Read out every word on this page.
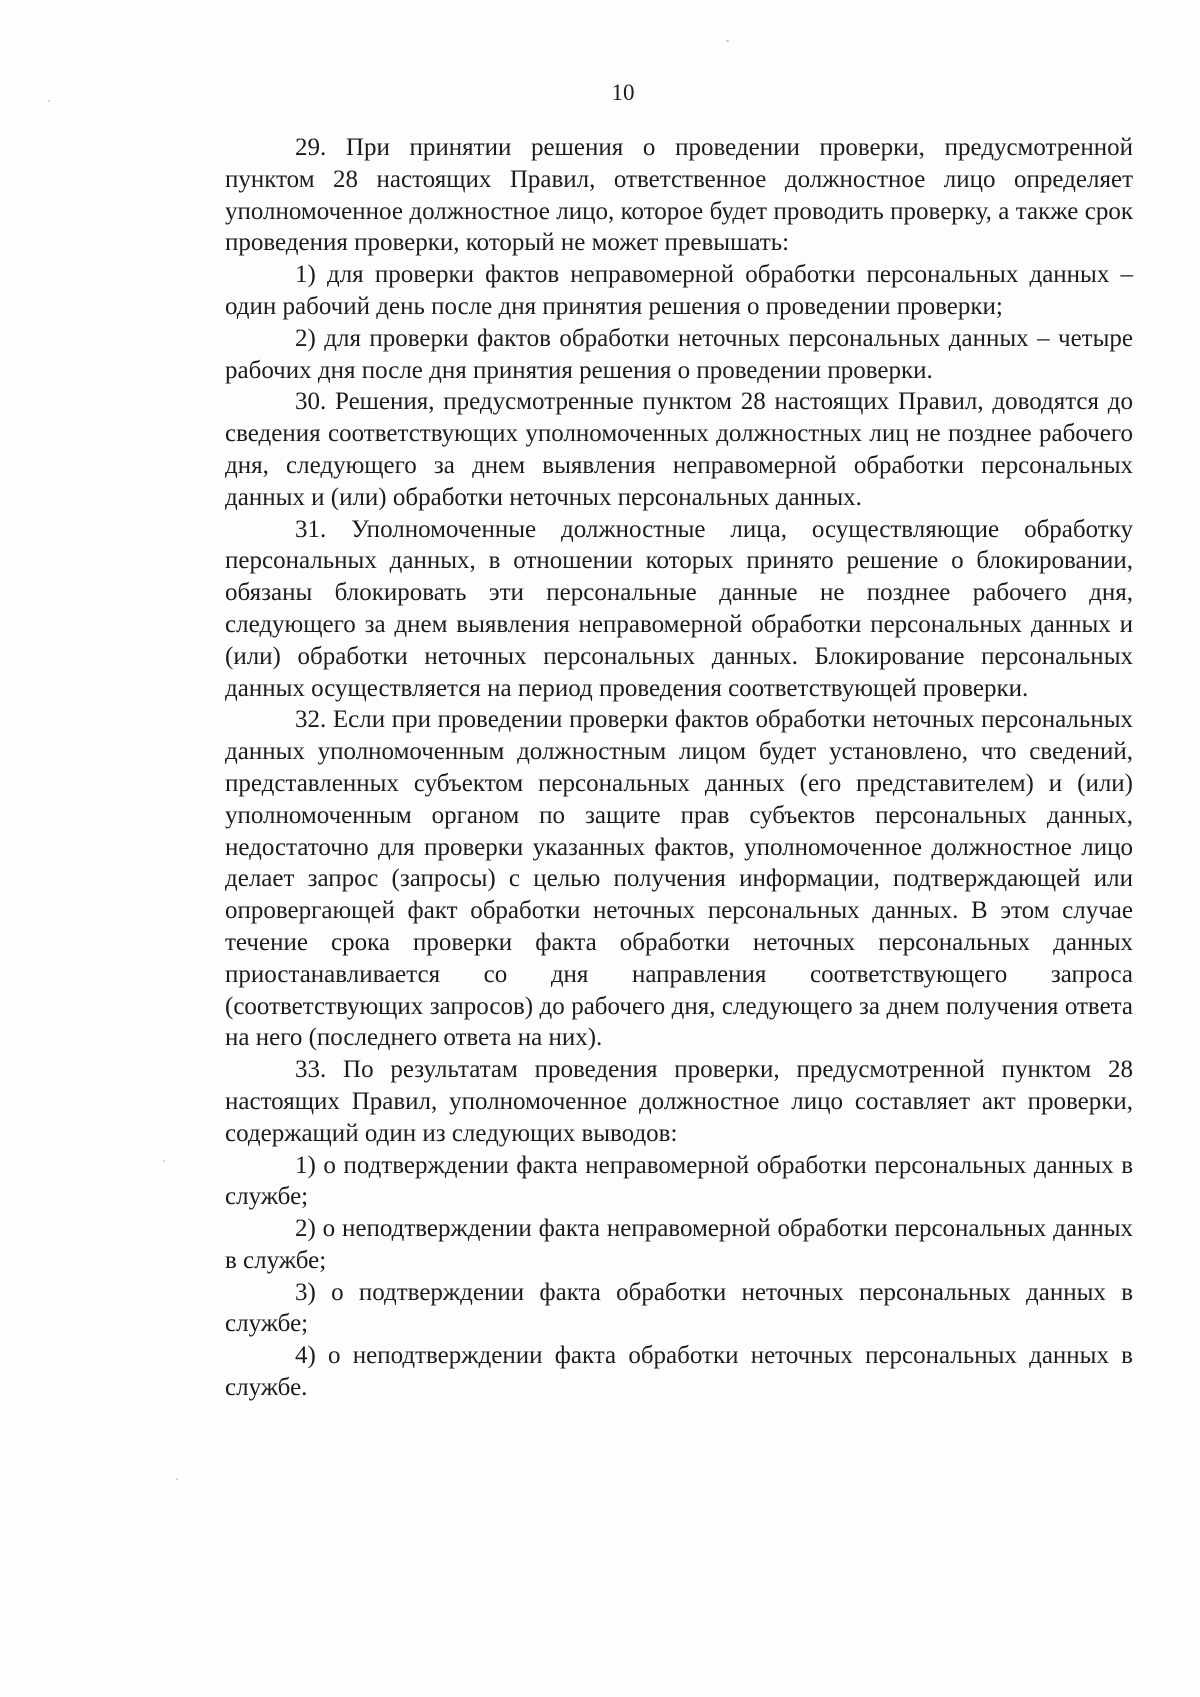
10

29. При принятии решения о проведении проверки, предусмотренной пунктом 28 настоящих Правил, ответственное должностное лицо определяет уполномоченное должностное лицо, которое будет проводить проверку, а также срок проведения проверки, который не может превышать:

1) для проверки фактов неправомерной обработки персональных данных – один рабочий день после дня принятия решения о проведении проверки;

2) для проверки фактов обработки неточных персональных данных – четыре рабочих дня после дня принятия решения о проведении проверки.

30. Решения, предусмотренные пунктом 28 настоящих Правил, доводятся до сведения соответствующих уполномоченных должностных лиц не позднее рабочего дня, следующего за днем выявления неправомерной обработки персональных данных и (или) обработки неточных персональных данных.

31. Уполномоченные должностные лица, осуществляющие обработку персональных данных, в отношении которых принято решение о блокировании, обязаны блокировать эти персональные данные не позднее рабочего дня, следующего за днем выявления неправомерной обработки персональных данных и (или) обработки неточных персональных данных. Блокирование персональных данных осуществляется на период проведения соответствующей проверки.

32. Если при проведении проверки фактов обработки неточных персональных данных уполномоченным должностным лицом будет установлено, что сведений, представленных субъектом персональных данных (его представителем) и (или) уполномоченным органом по защите прав субъектов персональных данных, недостаточно для проверки указанных фактов, уполномоченное должностное лицо делает запрос (запросы) с целью получения информации, подтверждающей или опровергающей факт обработки неточных персональных данных. В этом случае течение срока проверки факта обработки неточных персональных данных приостанавливается со дня направления соответствующего запроса (соответствующих запросов) до рабочего дня, следующего за днем получения ответа на него (последнего ответа на них).

33. По результатам проведения проверки, предусмотренной пунктом 28 настоящих Правил, уполномоченное должностное лицо составляет акт проверки, содержащий один из следующих выводов:

1) о подтверждении факта неправомерной обработки персональных данных в службе;

2) о неподтверждении факта неправомерной обработки персональных данных в службе;

3) о подтверждении факта обработки неточных персональных данных в службе;

4) о неподтверждении факта обработки неточных персональных данных в службе.
